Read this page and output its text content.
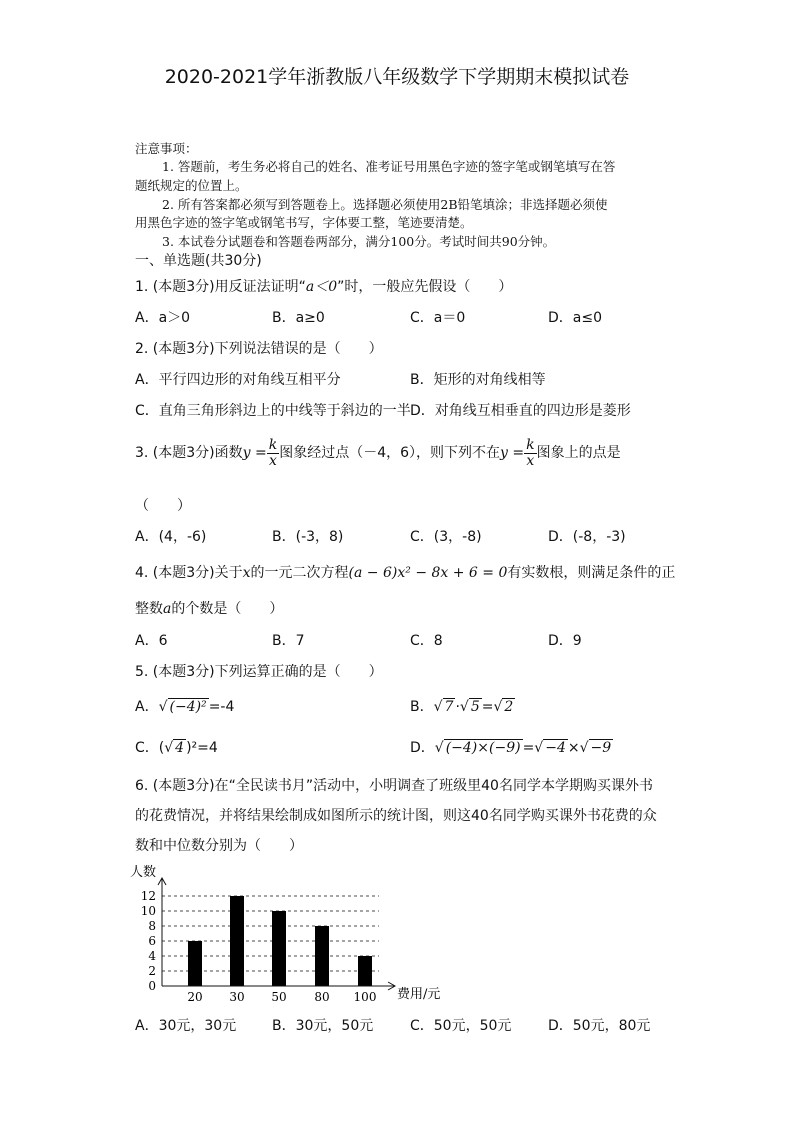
2020-2021学年浙教版八年级数学下学期期末模拟试卷
注意事项：
1. 答题前，考生务必将自己的姓名、准考证号用黑色字迹的签字笔或钢笔填写在答
题纸规定的位置上。
2. 所有答案都必须写到答题卷上。选择题必须使用2B铅笔填涂；非选择题必须使
用黑色字迹的签字笔或钢笔书写，字体要工整，笔迹要清楚。
3. 本试卷分试题卷和答题卷两部分，满分100分。考试时间共90分钟。
一、单选题(共30分)
1. (本题3分)用反证法证明“a＜0”时，一般应先假设（　　）
A．a＞0	B．a≥0	C．a＝0	D．a≤0
2. (本题3分)下列说法错误的是（　　）
A．平行四边形的对角线互相平分	B．矩形的对角线相等
C．直角三角形斜边上的中线等于斜边的一半 D．对角线互相垂直的四边形是菱形
3. (本题3分)函数$y = \frac{k}{x}$ 图象经过点（－4，6），则下列不在$y = \frac{k}{x}$ 图象上的点是
（　　）
A．(4，-6)	B．(-3，8)	C．(3，-8)	D．(-8，-3)
4. (本题3分)关于x的一元二次方程(a − 6)x² − 8x + 6 = 0有实数根，则满足条件的正
整数a的个数是（　　）
A．6	B．7	C．8	D．9
5. (本题3分)下列运算正确的是（　　）
A．√ (−4)² =-4	B．√ 7 ·√ 5 =√ 2
C．(√ 4 )²=4	D．√ (−4)×(−9) =√ −4 ×√ −9
6. (本题3分)在“全民读书月”活动中，小明调查了班级里40名同学本学期购买课外书
的花费情况，并将结果绘制成如图所示的统计图，则这40名同学购买课外书花费的众
数和中位数分别为（　　）
人数
费用/元
0
2
4
6
8
10
12
20 30 50 80 100
A．30元，30元	B．30元，50元	C．50元，50元	D．50元，80元
